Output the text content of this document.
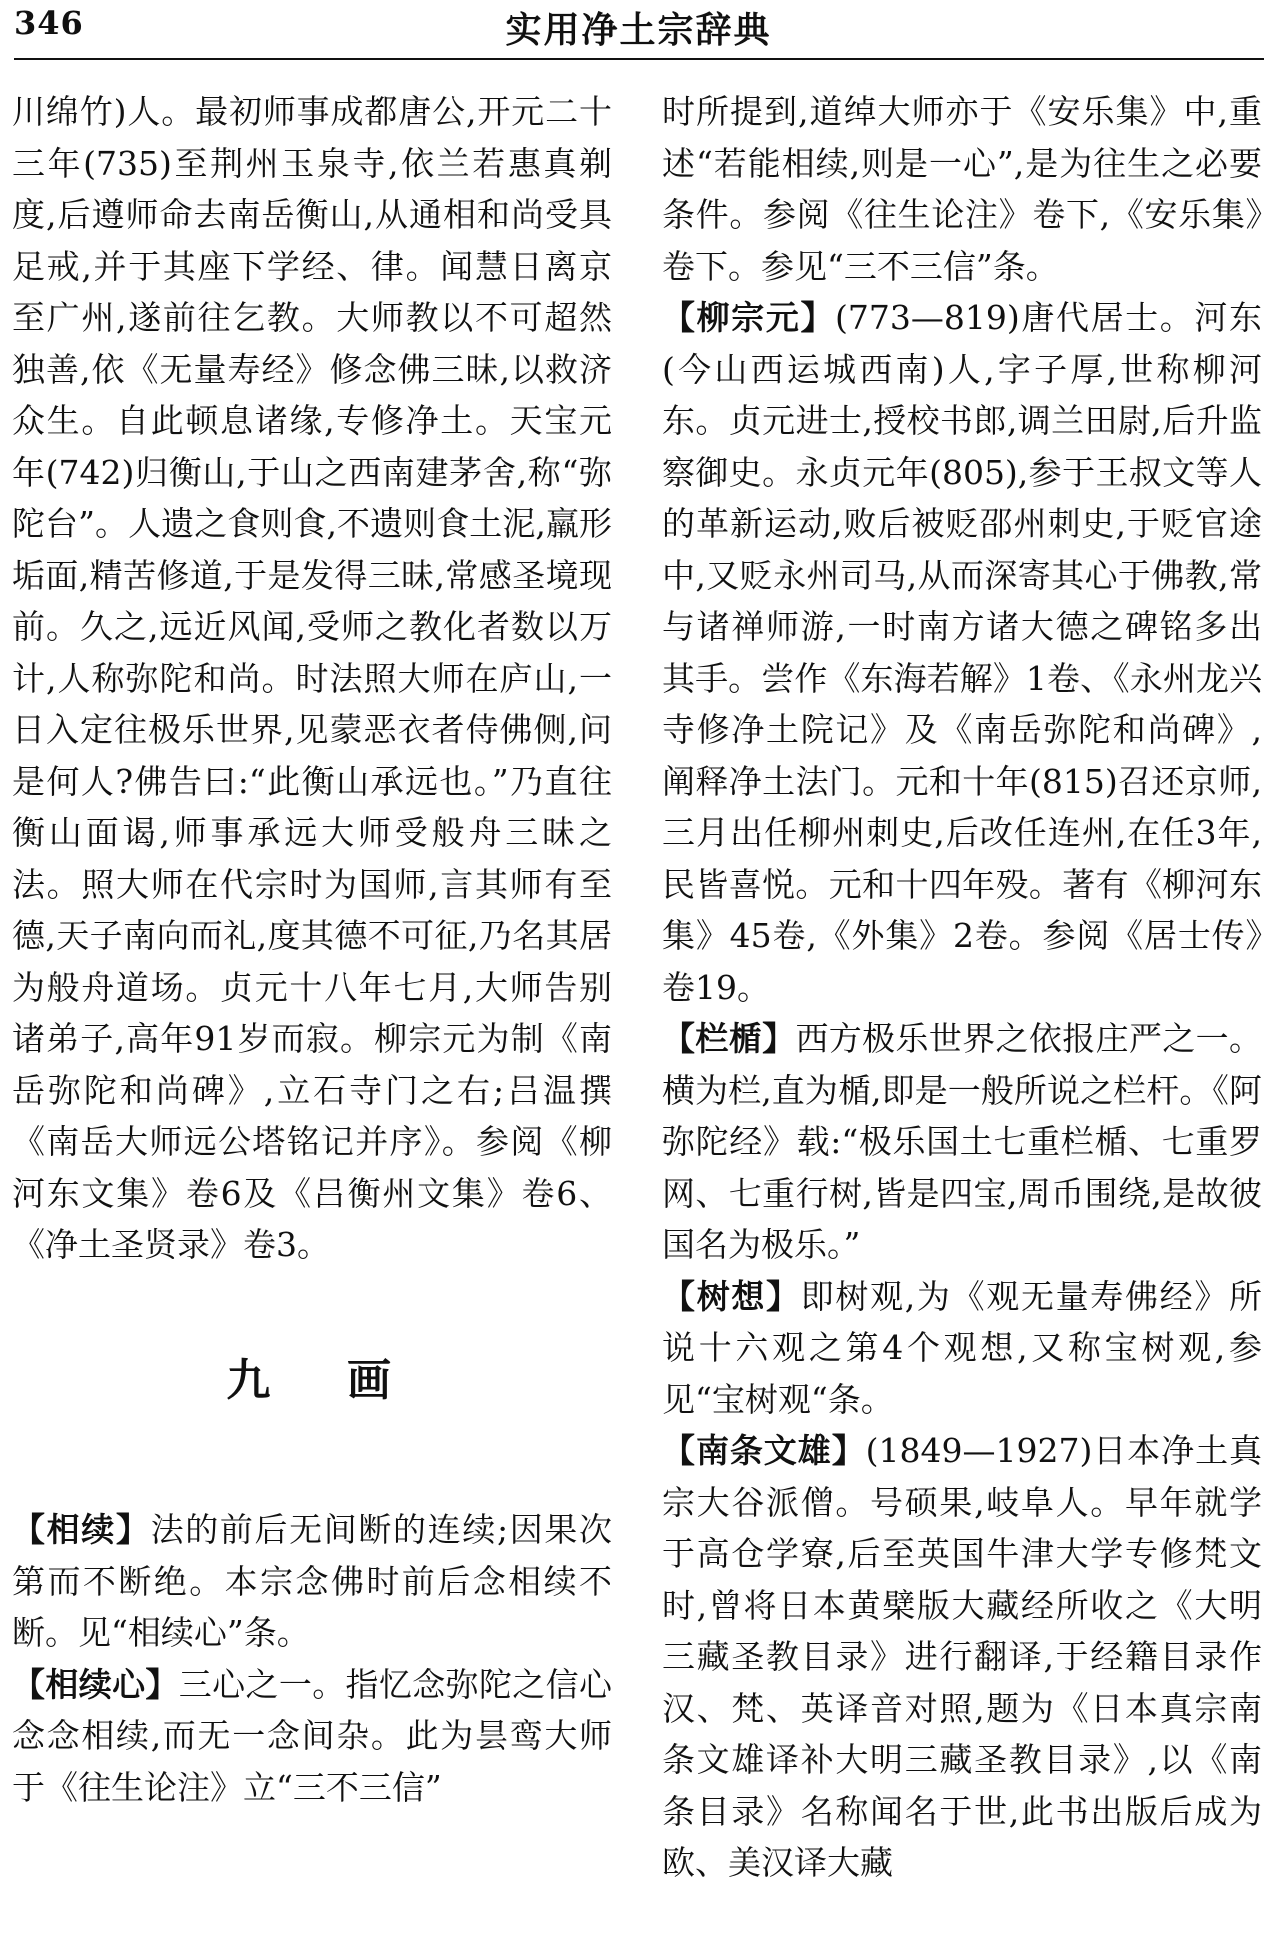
346	实用净土宗辞典

川绵竹)人。最初师事成都唐公,开元二十三年(735)至荆州玉泉寺,依兰若惠真剃度,后遵师命去南岳衡山,从通相和尚受具足戒,并于其座下学经、律。闻慧日离京至广州,遂前往乞教。大师教以不可超然独善,依《无量寿经》修念佛三昧,以救济众生。自此顿息诸缘,专修净土。天宝元年(742)归衡山,于山之西南建茅舍,称“弥陀台”。人遗之食则食,不遗则食土泥,羸形垢面,精苦修道,于是发得三昧,常感圣境现前。久之,远近风闻,受师之教化者数以万计,人称弥陀和尚。时法照大师在庐山,一日入定往极乐世界,见蒙恶衣者侍佛侧,问是何人?佛告曰:“此衡山承远也。”乃直往衡山面谒,师事承远大师受般舟三昧之法。照大师在代宗时为国师,言其师有至德,天子南向而礼,度其德不可征,乃名其居为般舟道场。贞元十八年七月,大师告别诸弟子,高年91岁而寂。柳宗元为制《南岳弥陀和尚碑》,立石寺门之右;吕温撰《南岳大师远公塔铭记并序》。参阅《柳河东文集》卷6及《吕衡州文集》卷6、《净土圣贤录》卷3。

九 画

【相续】法的前后无间断的连续;因果次第而不断绝。本宗念佛时前后念相续不断。见“相续心”条。

【相续心】三心之一。指忆念弥陀之信心念念相续,而无一念间杂。此为昙鸾大师于《往生论注》立“三不三信”

时所提到,道绰大师亦于《安乐集》中,重述“若能相续,则是一心”,是为往生之必要条件。参阅《往生论注》卷下,《安乐集》卷下。参见“三不三信”条。

【柳宗元】(773—819)唐代居士。河东(今山西运城西南)人,字子厚,世称柳河东。贞元进士,授校书郎,调兰田尉,后升监察御史。永贞元年(805),参于王叔文等人的革新运动,败后被贬邵州刺史,于贬官途中,又贬永州司马,从而深寄其心于佛教,常与诸禅师游,一时南方诸大德之碑铭多出其手。尝作《东海若解》1卷、《永州龙兴寺修净土院记》及《南岳弥陀和尚碑》,阐释净土法门。元和十年(815)召还京师,三月出任柳州刺史,后改任连州,在任3年,民皆喜悦。元和十四年殁。著有《柳河东集》45卷,《外集》2卷。参阅《居士传》卷19。

【栏楯】西方极乐世界之依报庄严之一。横为栏,直为楯,即是一般所说之栏杆。《阿弥陀经》载:“极乐国土七重栏楯、七重罗网、七重行树,皆是四宝,周币围绕,是故彼国名为极乐。”

【树想】即树观,为《观无量寿佛经》所说十六观之第4个观想,又称宝树观,参见“宝树观“条。

【南条文雄】(1849—1927)日本净土真宗大谷派僧。号硕果,岐阜人。早年就学于高仓学寮,后至英国牛津大学专修梵文时,曾将日本黄檗版大藏经所收之《大明三藏圣教目录》进行翻译,于经籍目录作汉、梵、英译音对照,题为《日本真宗南条文雄译补大明三藏圣教目录》,以《南条目录》名称闻名于世,此书出版后成为欧、美汉译大藏
